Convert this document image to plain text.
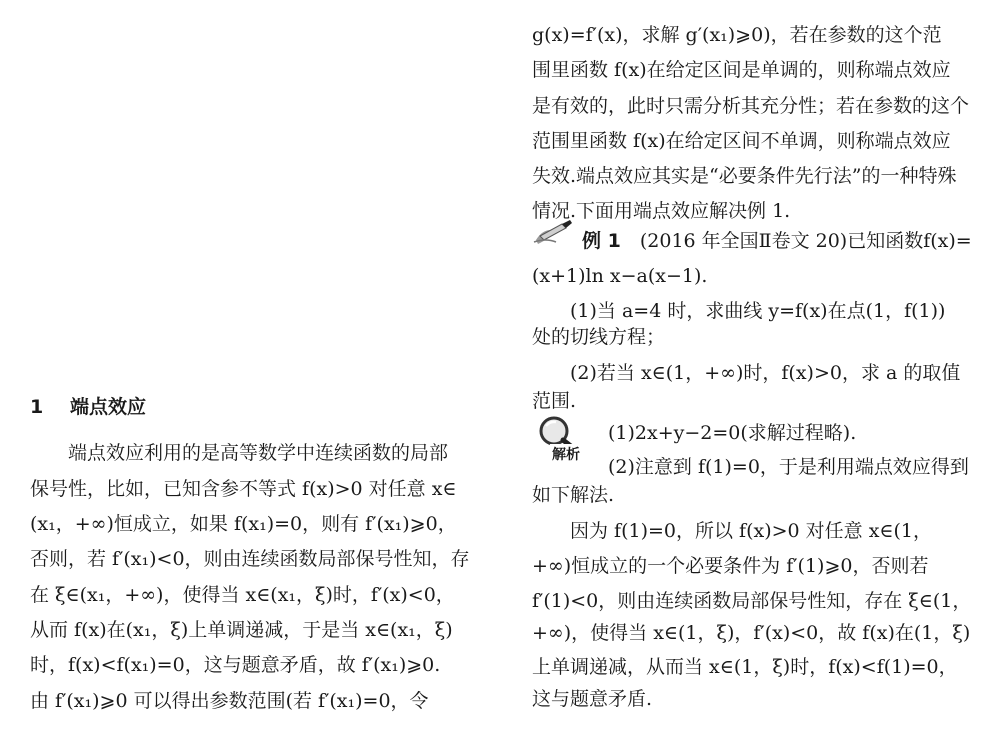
1 端点效应
　　端点效应利用的是高等数学中连续函数的局部
保号性，比如，已知含参不等式 f(x)>0 对任意 x∈
(x₁，+∞)恒成立，如果 f(x₁)=0，则有 f′(x₁)⩾0，
否则，若 f′(x₁)<0，则由连续函数局部保号性知，存
在 ξ∈(x₁，+∞)，使得当 x∈(x₁，ξ)时，f′(x)<0，
从而 f(x)在(x₁，ξ)上单调递减，于是当 x∈(x₁，ξ)
时，f(x)<f(x₁)=0，这与题意矛盾，故 f′(x₁)⩾0.
由 f′(x₁)⩾0 可以得出参数范围(若 f′(x₁)=0，令
g(x)=f′(x)，求解 g′(x₁)⩾0)，若在参数的这个范
围里函数 f(x)在给定区间是单调的，则称端点效应
是有效的，此时只需分析其充分性；若在参数的这个
范围里函数 f(x)在给定区间不单调，则称端点效应
失效.端点效应其实是“必要条件先行法”的一种特殊
情况.下面用端点效应解决例 1.
例 1　 (2016 年全国Ⅱ卷文 20)已知函数f(x)=
(x+1)ln x−a(x−1).
　　(1)当 a=4 时，求曲线 y=f(x)在点(1，f(1))
处的切线方程；
　　(2)若当 x∈(1，+∞)时，f(x)>0，求 a 的取值
范围.
解析
(1)2x+y−2=0(求解过程略).
(2)注意到 f(1)=0，于是利用端点效应得到
如下解法.
　　因为 f(1)=0，所以 f(x)>0 对任意 x∈(1，
+∞)恒成立的一个必要条件为 f′(1)⩾0，否则若
f′(1)<0，则由连续函数局部保号性知，存在 ξ∈(1，
+∞)，使得当 x∈(1，ξ)，f′(x)<0，故 f(x)在(1，ξ)
上单调递减，从而当 x∈(1，ξ)时，f(x)<f(1)=0，
这与题意矛盾.
